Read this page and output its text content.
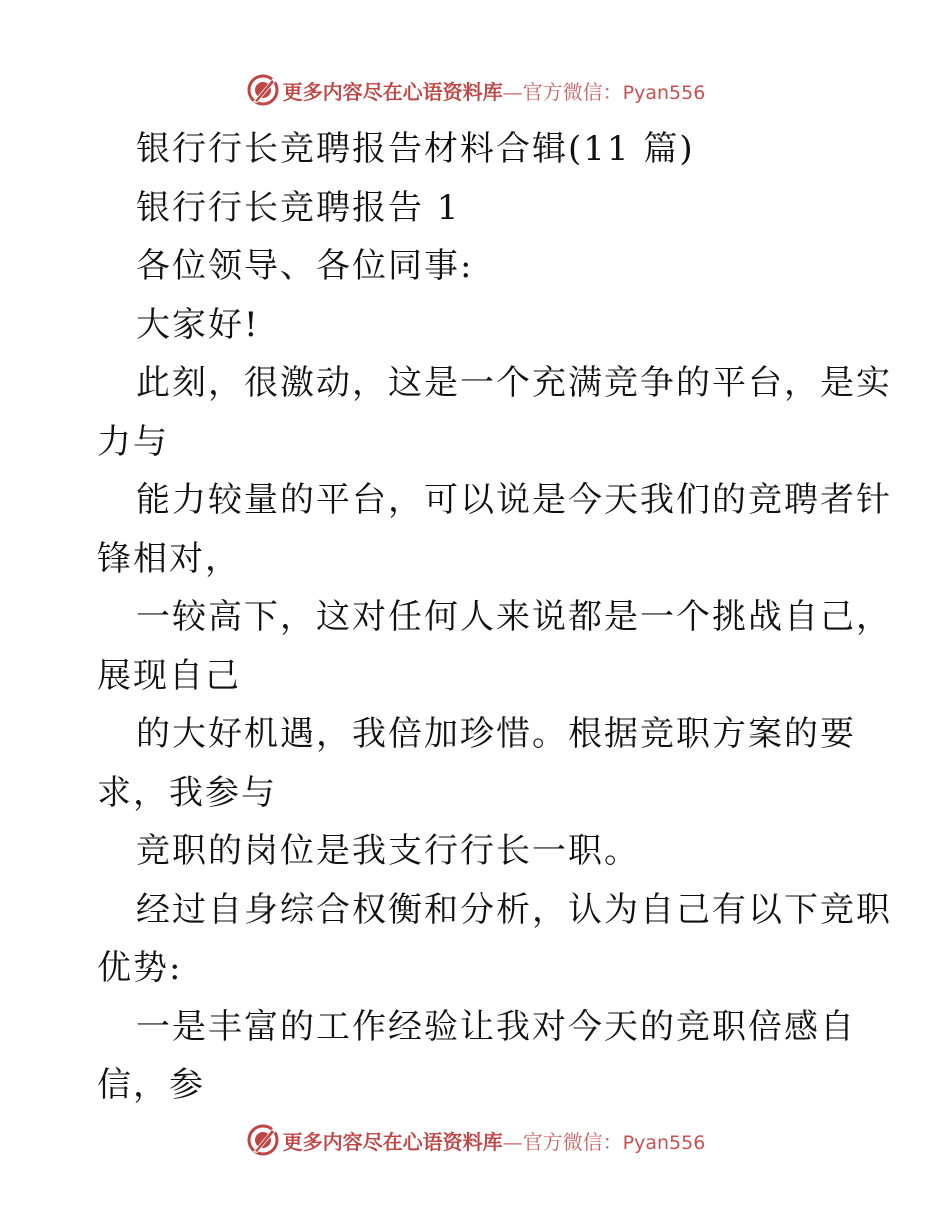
更多内容尽在心语资料库—官方微信：Pyan556
银行行长竞聘报告材料合辑(11 篇)
银行行长竞聘报告 1
各位领导、各位同事:
大家好!
此刻，很激动，这是一个充满竞争的平台，是实
力与
能力较量的平台，可以说是今天我们的竞聘者针
锋相对，
一较高下，这对任何人来说都是一个挑战自己，
展现自己
的大好机遇，我倍加珍惜。根据竞职方案的要
求，我参与
竞职的岗位是我支行行长一职。
经过自身综合权衡和分析，认为自己有以下竞职
优势:
一是丰富的工作经验让我对今天的竞职倍感自
信，参
更多内容尽在心语资料库—官方微信：Pyan556
